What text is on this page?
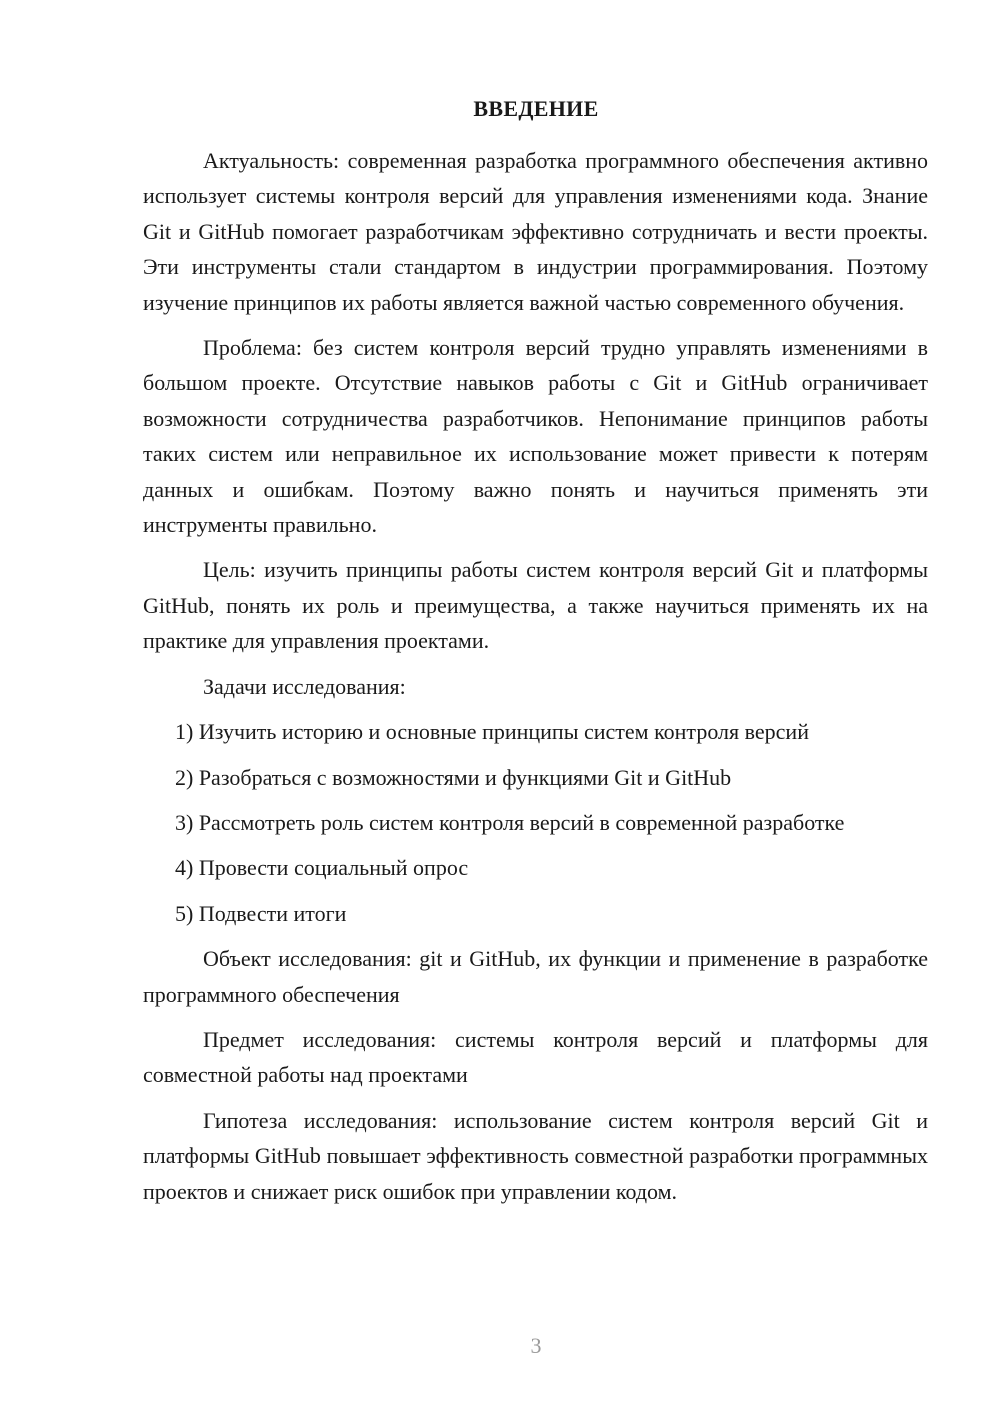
ВВЕДЕНИЕ

Актуальность: современная разработка программного обеспечения активно использует системы контроля версий для управления изменениями кода. Знание Git и GitHub помогает разработчикам эффективно сотрудничать и вести проекты. Эти инструменты стали стандартом в индустрии программирования. Поэтому изучение принципов их работы является важной частью современного обучения.

Проблема: без систем контроля версий трудно управлять изменениями в большом проекте. Отсутствие навыков работы с Git и GitHub ограничивает возможности сотрудничества разработчиков. Непонимание принципов работы таких систем или неправильное их использование может привести к потерям данных и ошибкам. Поэтому важно понять и научиться применять эти инструменты правильно.

Цель: изучить принципы работы систем контроля версий Git и платформы GitHub, понять их роль и преимущества, а также научиться применять их на практике для управления проектами.

Задачи исследования:

1) Изучить историю и основные принципы систем контроля версий

2) Разобраться с возможностями и функциями Git и GitHub

3) Рассмотреть роль систем контроля версий в современной разработке

4) Провести социальный опрос

5) Подвести итоги

Объект исследования: git и GitHub, их функции и применение в разработке программного обеспечения

Предмет исследования: системы контроля версий и платформы для совместной работы над проектами

Гипотеза исследования: использование систем контроля версий Git и платформы GitHub повышает эффективность совместной разработки программных проектов и снижает риск ошибок при управлении кодом.

3
